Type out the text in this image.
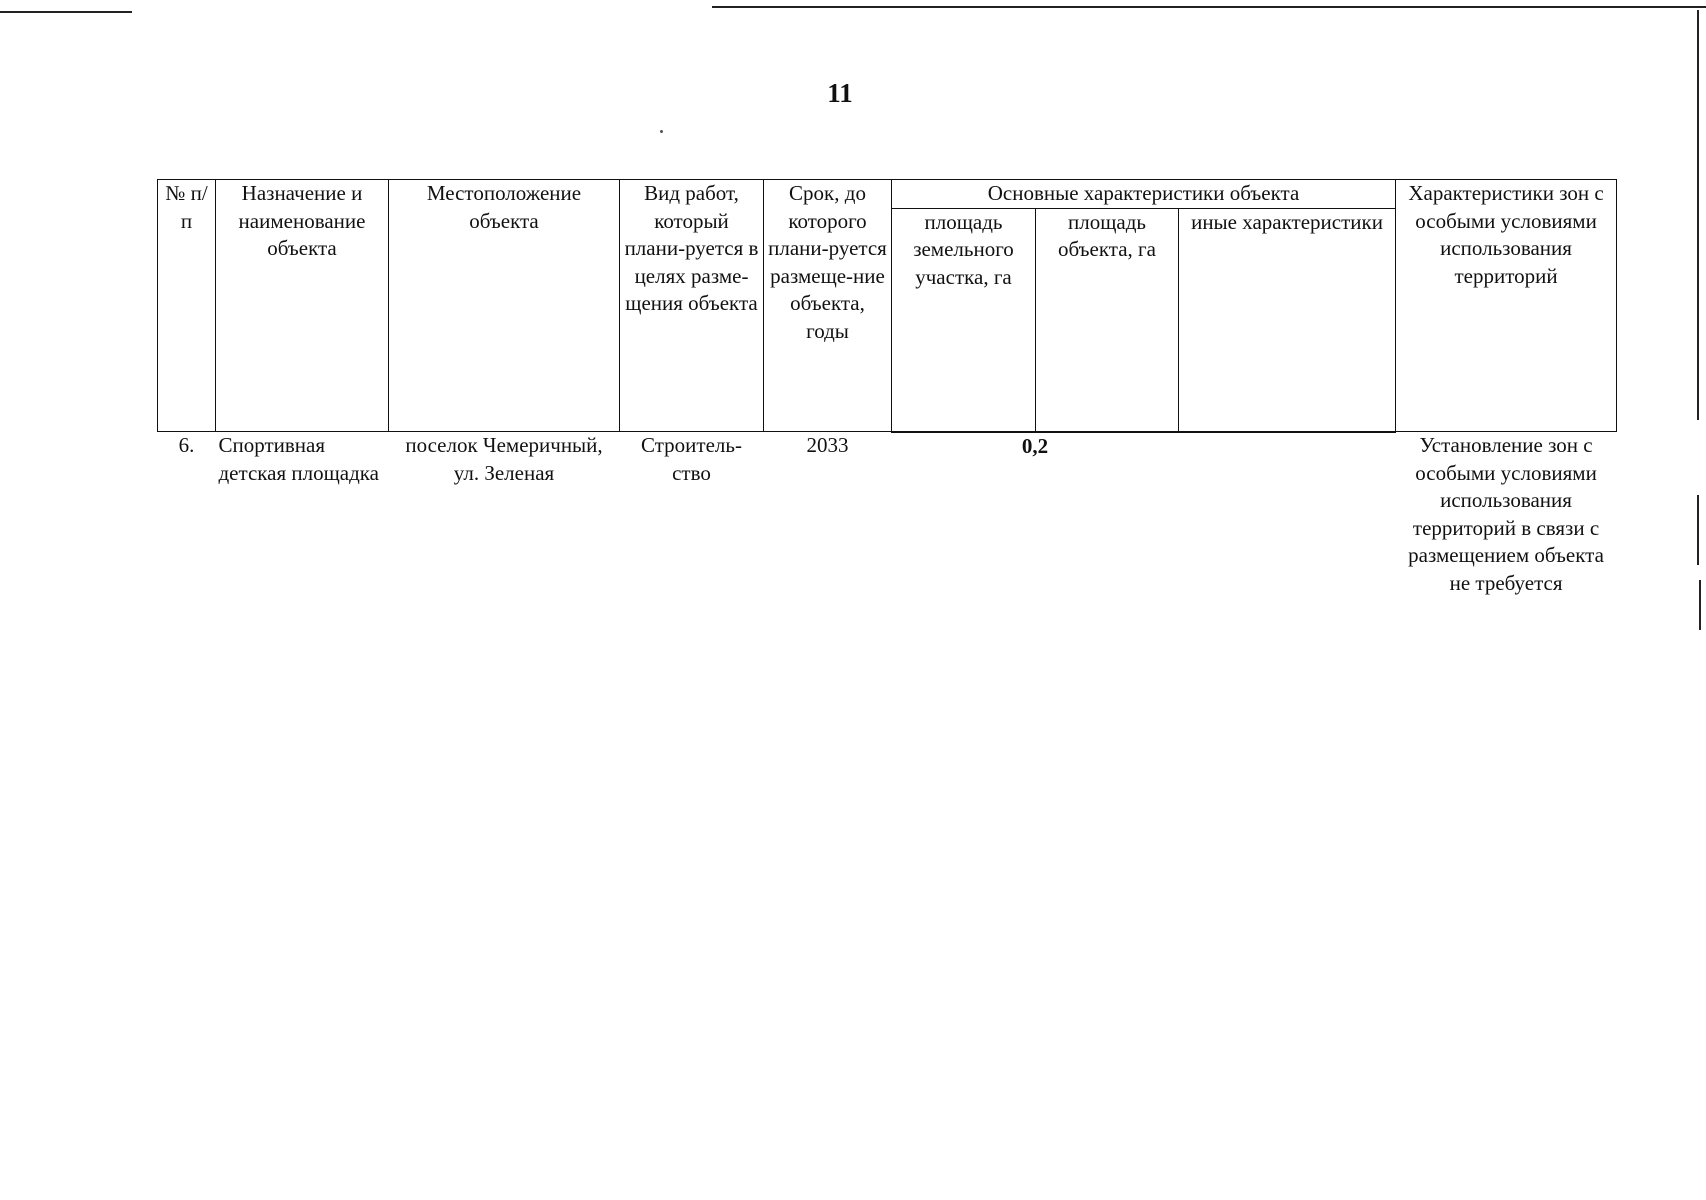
11
№ п/п	Назначение и наименование объекта	Местоположение объекта	Вид работ, который плани-руется в целях разме-щения объекта	Срок, до которого плани-руется размеще-ние объекта, годы	Основные характеристики объекта			Характеристики зон с особыми условиями использования территорий
					площадь земельного участка, га	площадь объекта, га	иные характеристики	
6.	Спортивная детская площадка	поселок Чемеричный, ул. Зеленая	Строитель-ство	2033	0,2			Установление зон с особыми условиями использования территорий в связи с размещением объекта не требуется
